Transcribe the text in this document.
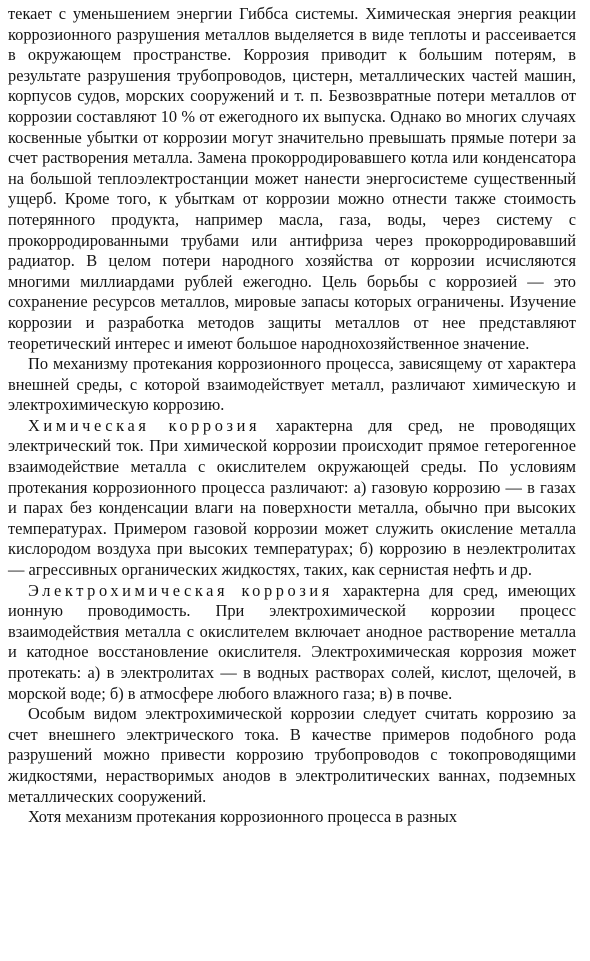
текает с уменьшением энергии Гиббса системы. Химическая энергия реакции коррозионного разрушения металлов выделяется в виде теплоты и рассеивается в окружающем пространстве. Коррозия приводит к большим потерям, в результате разрушения трубопроводов, цистерн, металлических частей машин, корпусов судов, морских сооружений и т. п. Безвозвратные потери металлов от коррозии составляют 10 % от ежегодного их выпуска. Однако во многих случаях косвенные убытки от коррозии могут значительно превышать прямые потери за счет растворения металла. Замена прокорродировавшего котла или конденсатора на большой теплоэлектростанции может нанести энергосистеме существенный ущерб. Кроме того, к убыткам от коррозии можно отнести также стоимость потерянного продукта, например масла, газа, воды, через систему с прокорродированными трубами или антифриза через прокорродировавший радиатор. В целом потери народного хозяйства от коррозии исчисляются многими миллиардами рублей ежегодно. Цель борьбы с коррозией — это сохранение ресурсов металлов, мировые запасы которых ограничены. Изучение коррозии и разработка методов защиты металлов от нее представляют теоретический интерес и имеют большое народнохозяйственное значение.

По механизму протекания коррозионного процесса, зависящему от характера внешней среды, с которой взаимодействует металл, различают химическую и электрохимическую коррозию.

Химическая коррозия характерна для сред, не проводящих электрический ток. При химической коррозии происходит прямое гетерогенное взаимодействие металла с окислителем окружающей среды. По условиям протекания коррозионного процесса различают: а) газовую коррозию — в газах и парах без конденсации влаги на поверхности металла, обычно при высоких температурах. Примером газовой коррозии может служить окисление металла кислородом воздуха при высоких температурах; б) коррозию в неэлектролитах — агрессивных органических жидкостях, таких, как сернистая нефть и др.

Электрохимическая коррозия характерна для сред, имеющих ионную проводимость. При электрохимической коррозии процесс взаимодействия металла с окислителем включает анодное растворение металла и катодное восстановление окислителя. Электрохимическая коррозия может протекать: а) в электролитах — в водных растворах солей, кислот, щелочей, в морской воде; б) в атмосфере любого влажного газа; в) в почве.

Особым видом электрохимической коррозии следует считать коррозию за счет внешнего электрического тока. В качестве примеров подобного рода разрушений можно привести коррозию трубопроводов с токопроводящими жидкостями, нерастворимых анодов в электролитических ваннах, подземных металлических сооружений.

Хотя механизм протекания коррозионного процесса в разных
